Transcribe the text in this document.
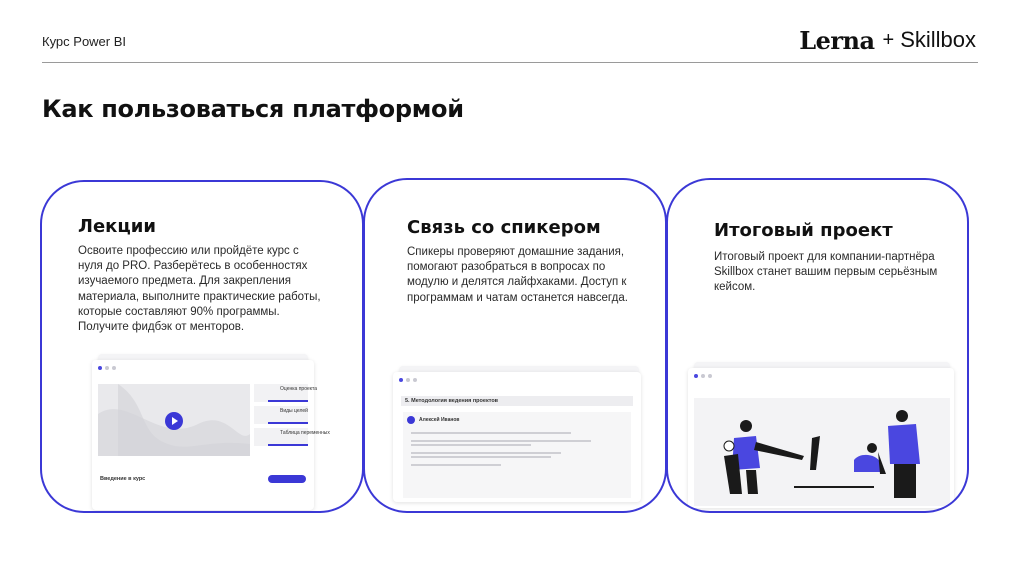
Курс Power BI	Lerna + Skillbox
Как пользоваться платформой
Лекции
Освоите профессию или пройдёте курс с
нуля до PRO. Разберётесь в особенностях
изучаемого предмета. Для закрепления
материала, выполните практические работы,
которые составляют 90% программы.
Получите фидбэк от менторов.
Оценка проекта
Виды целей
Таблица переменных
Введение в курс
Связь со спикером
Спикеры проверяют домашние задания,
помогают разобраться в вопросах по
модулю и делятся лайфхаками. Доступ к
программам и чатам останется навсегда.
5. Методология ведения проектов
Алексей Иванов
Итоговый проект
Итоговый проект для компании-партнёра
Skillbox станет вашим первым серьёзным
кейсом.
